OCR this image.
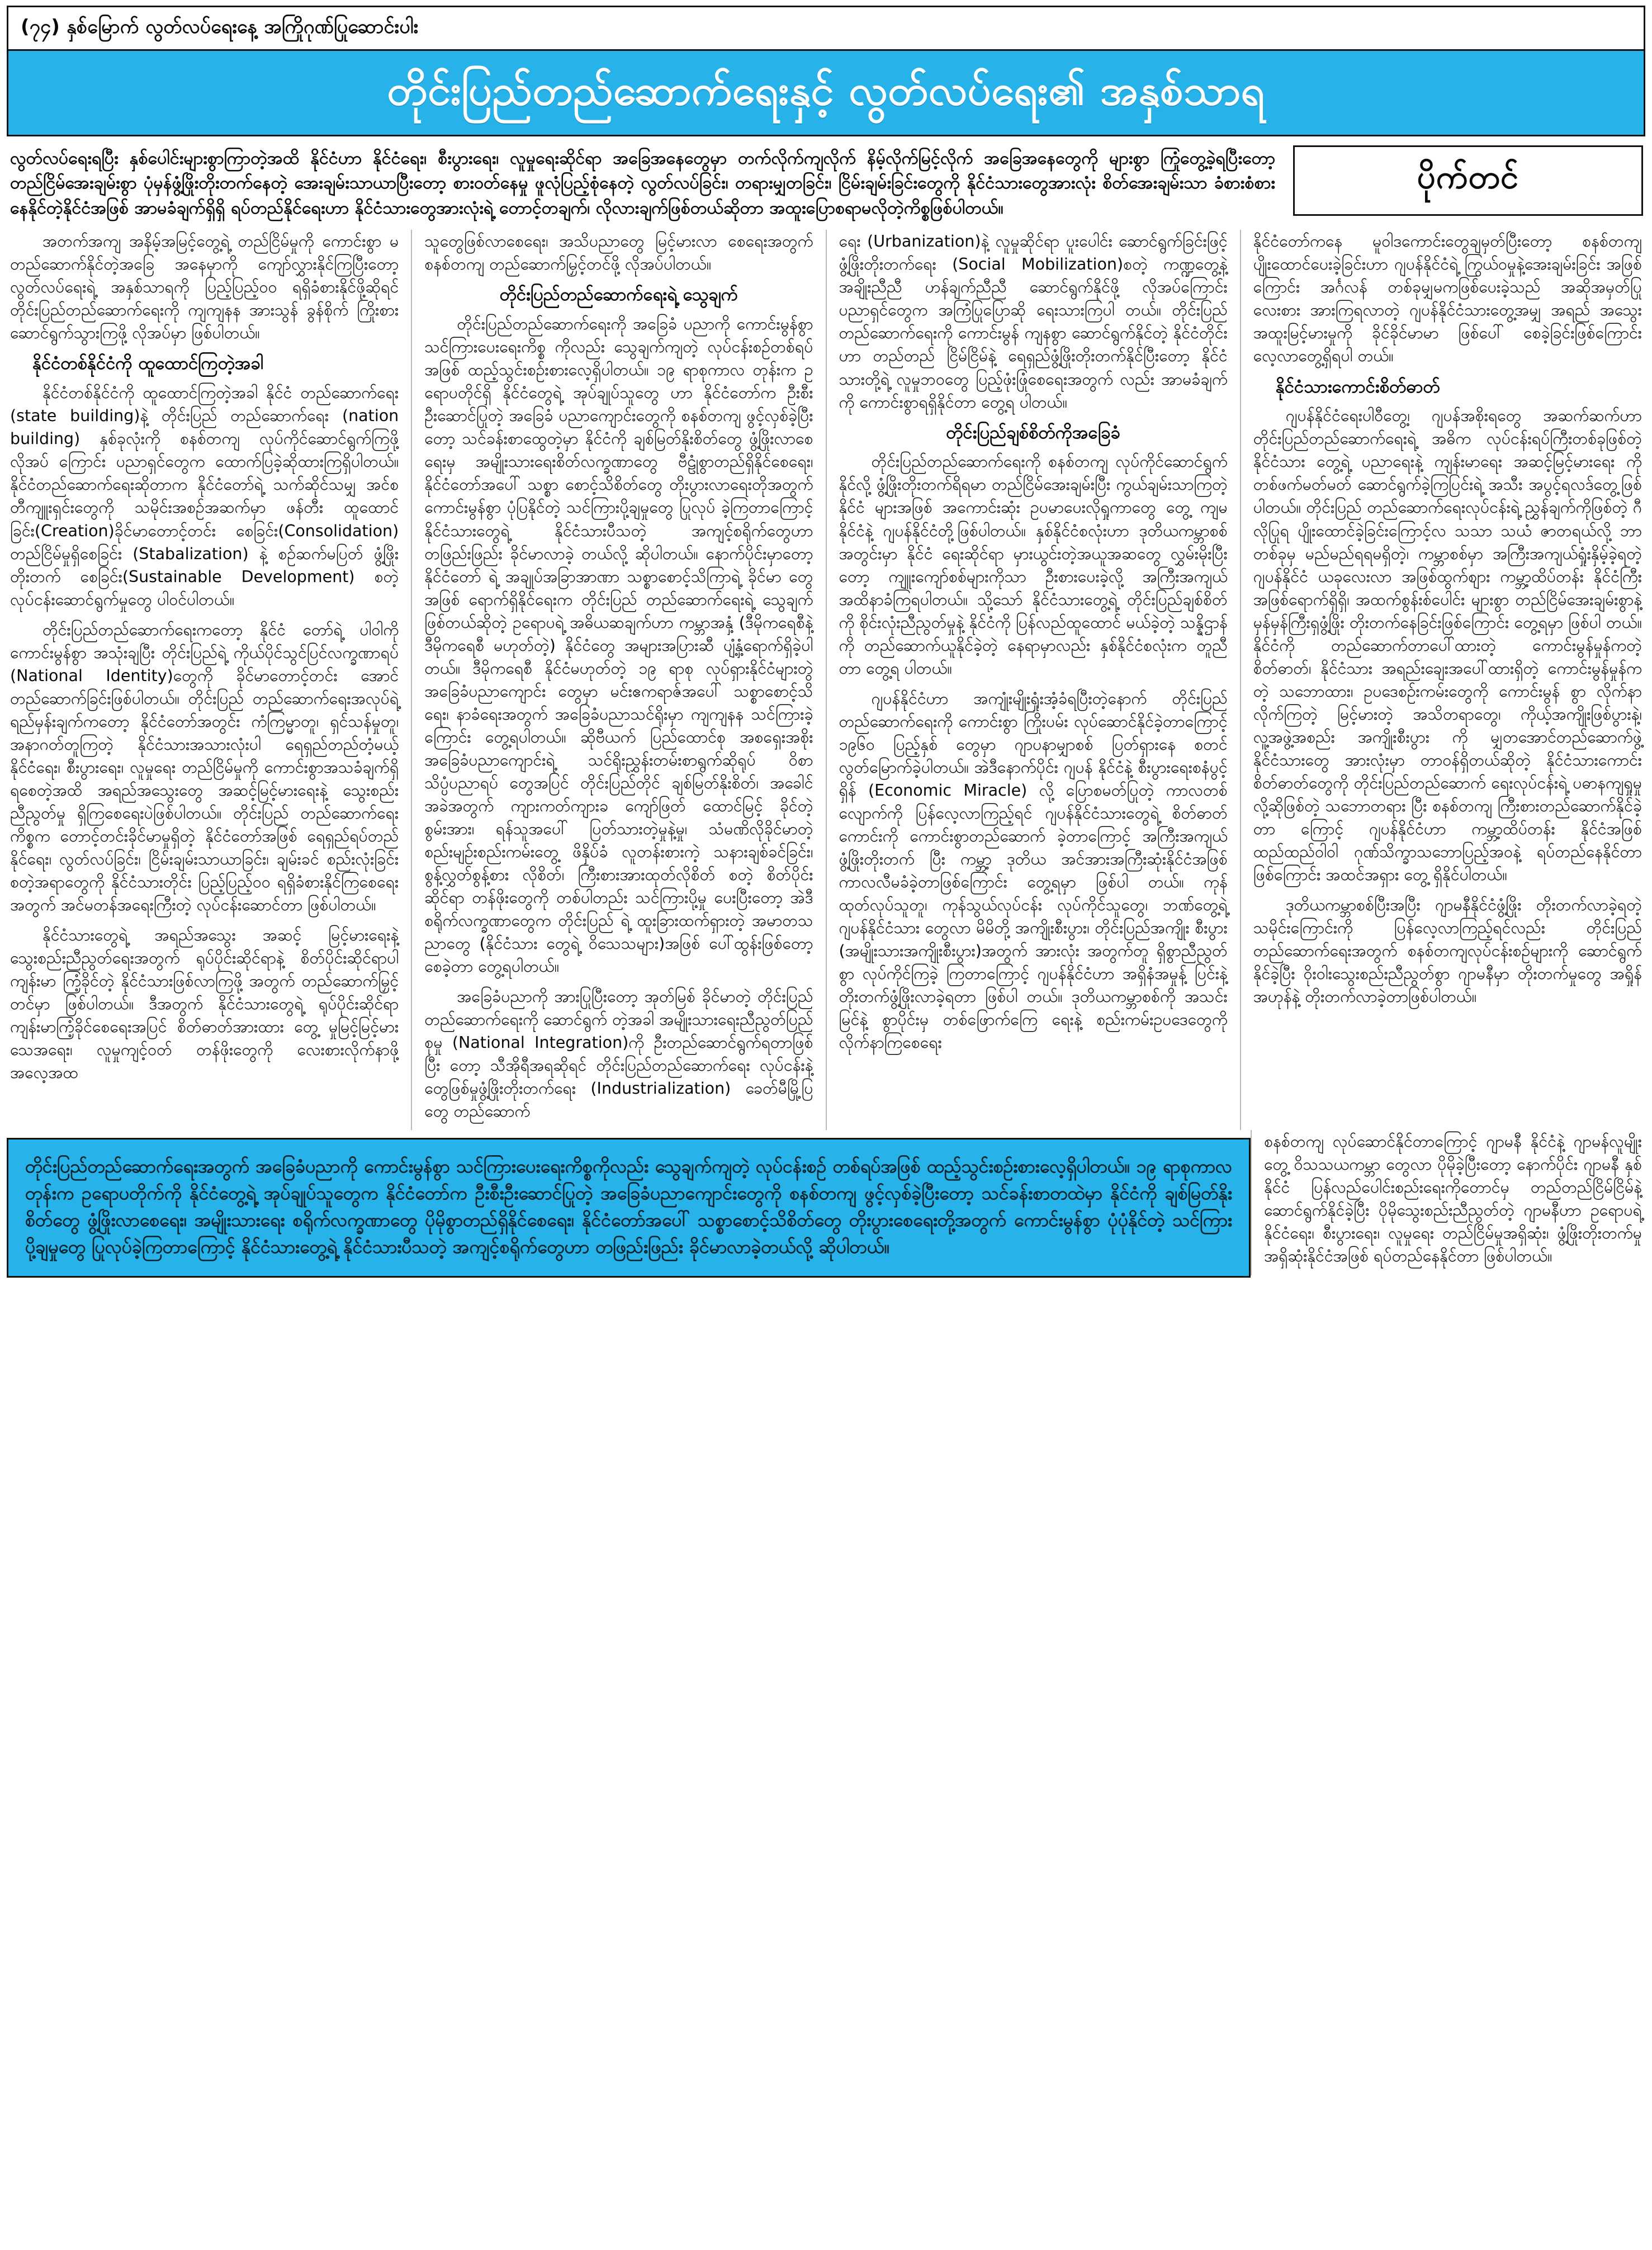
(၇၄) နှစ်မြောက် လွတ်လပ်ရေးနေ့ အကြိုဂုဏ်ပြုဆောင်းပါး
တိုင်းပြည်တည်ဆောက်ရေးနှင့် လွတ်လပ်ရေး၏ အနှစ်သာရ
လွတ်လပ်ရေးရပြီး နှစ်ပေါင်းများစွာကြာတဲ့အထိ နိုင်ငံဟာ နိုင်ငံရေး၊ စီးပွားရေး၊ လူမှုရေးဆိုင်ရာ အခြေအနေတွေမှာ တက်လိုက်ကျလိုက် နိမ့်လိုက်မြင့်လိုက် အခြေအနေတွေကို များစွာ ကြုံတွေ့ခဲ့ရပြီးတော့ တည်ငြိမ်အေးချမ်းစွာ ပုံမှန်ဖွံ့ဖြိုးတိုးတက်နေတဲ့ အေးချမ်းသာယာပြီးတော့ စားဝတ်နေမှု ဖူလုံပြည့်စုံနေတဲ့ လွတ်လပ်ခြင်း၊ တရားမျှတခြင်း၊ ငြိမ်းချမ်းခြင်းတွေကို နိုင်ငံသားတွေအားလုံး စိတ်အေးချမ်းသာ ခံစားစံစားနေနိုင်တဲ့နိုင်ငံအဖြစ် အာမခံချက်ရှိရှိ ရပ်တည်နိုင်ရေးဟာ နိုင်ငံသားတွေအားလုံးရဲ့ တောင့်တချက်၊ လိုလားချက်ဖြစ်တယ်ဆိုတာ အထူးပြောစရာမလိုတဲ့ကိစ္စဖြစ်ပါတယ်။
ပိုက်တင်

အတက်အကျ အနိမ့်အမြင့်တွေ့ရဲ့ တည်ငြိမ်မှုကို ကောင်းစွာ မတည်ဆောက်နိုင်တဲ့အခြေ အနေမှာကို ကျော်လွှားနိုင်ကြပြီးတော့ လွတ်လပ်ရေးရဲ့ အနှစ်သာရကို ပြည့်ပြည့်ဝဝ ရရှိခံစားနိုင်ဖို့ဆိုရင် တိုင်းပြည်တည်ဆောက်ရေးကို ကျကျနန အားသွန် ခွန်စိုက် ကြိုးစားဆောင်ရွက်သွားကြဖို့ လိုအပ်မှာ ဖြစ်ပါတယ်။

နိုင်ငံတစ်နိုင်ငံကို ထူထောင်ကြတဲ့အခါ

နိုင်ငံတစ်နိုင်ငံကို ထူထောင်ကြတဲ့အခါ နိုင်ငံ တည်ဆောက်ရေး (state building)နဲ့ တိုင်းပြည် တည်ဆောက်ရေး (nation building) နှစ်ခုလုံးကို စနစ်တကျ လုပ်ကိုင်ဆောင်ရွက်ကြဖို့ လိုအပ် ကြောင်း ပညာရှင်တွေက ထောက်ပြခဲ့ဆိုထားကြရှိပါတယ်။ နိုင်ငံတည်ဆောက်ရေးဆိုတာက နိုင်ငံတော်ရဲ့ သက်ဆိုင်သမျှ အင်စတီကျူးရှင်းတွေကို သမိုင်းအစဉ်အဆက်မှာ ဖန်တီး ထူထောင်ခြင်း(Creation)ခိုင်မာတောင့်တင်း စေခြင်း(Consolidation) တည်ငြိမ်မှုရှိစေခြင်း (Stabalization) နဲ့ စဉ်ဆက်မပြတ် ဖွံ့ဖြိုးတိုးတက် စေခြင်း(Sustainable Development) စတဲ့ လုပ်ငန်းဆောင်ရွက်မှုတွေ ပါဝင်ပါတယ်။

တိုင်းပြည်တည်ဆောက်ရေးကတော့ နိုင်ငံ တော်ရဲ့ ပါဝါကို ကောင်းမွန်စွာ အသုံးချပြီး တိုင်းပြည်ရဲ့ ကိုယ်ပိုင်သွင်ပြင်လက္ခဏာရပ် (National Identity)တွေကို ခိုင်မာတောင့်တင်း အောင် တည်ဆောက်ခြင်းဖြစ်ပါတယ်။ တိုင်းပြည် တည်ဆောက်ရေးအလုပ်ရဲ့ ရည်မှန်းချက်ကတော့ နိုင်ငံတော်အတွင်း ကံကြမ္မာတူ၊ ရှင်သန်မှုတူ၊ အနာဂတ်တူကြတဲ့ နိုင်ငံသားအသားလုံးပါ ရေရှည်တည်တံ့မယ့် နိုင်ငံရေး၊ စီးပွားရေး၊ လူမှုရေး တည်ငြိမ်မှုကို ကောင်းစွာအသခံချက်ရှိရစေတဲ့အထိ အရည်အသွေးတွေ အဆင့်မြင့်မားရေးနဲ့ သွေးစည်း ညီညွတ်မှု ရှိကြစေရေးပဲဖြစ်ပါတယ်။ တိုင်းပြည် တည်ဆောက်ရေးကိစ္စက တောင့်တင်းခိုင်မာမှုရှိတဲ့ နိုင်ငံတော်အဖြစ် ရေရှည်ရပ်တည်နိုင်ရေး၊ လွတ်လပ်ခြင်း၊ ငြိမ်းချမ်းသာယာခြင်း၊ ချမ်းခင် စည်းလုံးခြင်း စတဲ့အရာတွေကို နိုင်ငံသားတိုင်း ပြည့်ပြည့်ဝဝ ရရှိခံစားနိုင်ကြစေရေးအတွက် အင်မတန်အရေးကြီးတဲ့ လုပ်ငန်းဆောင်တာ ဖြစ်ပါတယ်။

နိုင်ငံသားတွေရဲ့ အရည်အသွေး အဆင့် မြင့်မားရေးနဲ့ သွေးစည်းညီညွတ်ရေးအတွက် ရုပ်ပိုင်းဆိုင်ရာနဲ့ စိတ်ပိုင်းဆိုင်ရာပါ ကျန်းမာ ကြံ့ခိုင်တဲ့ နိုင်ငံသားဖြစ်လာကြဖို့ အတွက် တည်ဆောက်မြှင့်တင်မှာ ဖြစ်ပါတယ်။ ဒီအတွက် နိုင်ငံသားတွေရဲ့ ရုပ်ပိုင်းဆိုင်ရာ ကျန်းမာကြံ့ခိုင်စေရေးအပြင် စိတ်ဓာတ်အားထား တွေ့ မှုမြင့်မြင့်မားသေအရေး၊ လူမှုကျင့်ဝတ် တန်ဖိုးတွေကို လေးစားလိုက်နာဖို့ အလေ့အထ

သူတွေဖြစ်လာစေရေး၊ အသိပညာတွေ မြင့်မားလာ စေရေးအတွက် စနစ်တကျ တည်ဆောက်မြှင့်တင်ဖို့ လိုအပ်ပါတယ်။

တိုင်းပြည်တည်ဆောက်ရေးရဲ့ သွေချက်

တိုင်းပြည်တည်ဆောက်ရေးကို အခြေခံ ပညာကို ကောင်းမွန်စွာ သင်ကြားပေးရေးကိစ္စ ကိုလည်း သွေချက်ကျတဲ့ လုပ်ငန်းစဉ်တစ်ရပ်အဖြစ် ထည့်သွင်းစဉ်းစားလေ့ရှိပါတယ်။ ၁၉ ရာစုကာလ တုန်းက ဥရောပတိုင်ရှိ နိုင်ငံတွေရဲ့ အုပ်ချုပ်သူတွေ ဟာ နိုင်ငံတော်က ဦးစီးဦးဆောင်ပြုတဲ့ အခြေခံ ပညာကျောင်းတွေကို စနစ်တကျ ဖွင့်လှစ်ခဲ့ပြီးတော့ သင်ခန်းစာထွေတဲ့မှာ နိုင်ငံကို ချစ်မြတ်နိုးစိတ်တွေ ဖွံ့ဖြိုးလာစေရေးမှ အမျိုးသားရေးစိတ်လက္ခဏာတွေ ဗီဠုံစွာတည်ရှိနိုင်စေရေး၊ နိုင်ငံတော်အပေါ် သစ္စာ စောင့်သိစိတ်တွေ တိုးပွားလာရေးတိုအတွက် ကောင်းမွန်စွာ ပုံပြနိုင်တဲ့ သင်ကြားပို့ချမှုတွေ ပြုလုပ် ခဲ့ကြတာကြောင့် နိုင်ငံသားတွေရဲ့ နိုင်ငံသားပီသတဲ့ အကျင့်စရိုက်တွေဟာ တဖြည်းဖြည်း ခိုင်မာလာခဲ့ တယ်လို့ ဆိုပါတယ်။ နောက်ပိုင်းမှာတော့ နိုင်ငံတော် ရဲ့ အချုပ်အခြာအာဏာ သစ္စာစောင့်သိကြာရဲ့ ခိုင်မာ တွေအဖြစ် ရောက်ရှိနိုင်ရေးက တိုင်းပြည် တည်ဆောက်ရေးရဲ့ သွေချက်ဖြစ်တယ်ဆိုတဲ့ ဥရောပရဲ့ အဓိယဆချက်ဟာ ကမ္ဘာအနှံ့ (ဒီမိုကရေစီနဲ့ ဒီမိုကရေစီ မဟုတ်တဲ့) နိုင်ငံတွေ အများအပြားဆီ ပျံ့နှံ့ရောက်ရှိခဲ့ပါတယ်။ ဒီမိုကရေစီ နိုင်ငံမဟုတ်တဲ့ ၁၉ ရာစု လုပ်ရှားနိုင်ငံများတွဲ အခြေခံပညာကျောင်း တွေမှာ မင်းဧကရာဇ်အပေါ် သစ္စာစောင့်သိရေး၊ နာခံရေးအတွက် အခြေခံပညာသင်ရိုးမှာ ကျကျနန သင်ကြားခဲ့ကြောင်း တွေ့ရပါတယ်။ ဆိုဗီယက် ပြည်ထောင်စု အစရှေးအစိုးအခြေခံပညာကျောင်းရဲ့ သင်ရိုးညွှန်းတမ်းစာရွက်ဆိုရုပ် ဝိစာ သိပ္ပံပညာရပ် တွေအပြင် တိုင်းပြည်တိုင် ချစ်မြတ်နိုးစိတ်၊ အခေါင် အခဲအတွက် ကျားကတ်ကျားခ ကျော်ဖြတ် ထောင်မြင့် ခိုင်တဲ့ စွမ်းအား၊ ရန်သူအပေါ် ပြတ်သားတဲ့မှုနဲ့မှု၊ သံမဏိလိုခိုင်မာတဲ့ စည်းမျဉ်းစည်းကမ်းတွေ့ ဖိနှိပ်ခံ လူတန်းစားကဲ့ သနားချစ်ခင်ခြင်း၊ စွန့်လွှတ်စွန့်စား လိုစိတ်၊ ကြီးစားအားထုတ်လိုစိတ် စတဲ့ စိတ်ပိုင်း ဆိုင်ရာ တန်ဖိုးတွေကို တစ်ပါတည်း သင်ကြားပို့မှု ပေးပြီးတော့ အဲဒီစရိုက်လက္ခဏာတွေက တိုင်းပြည် ရဲ့ ထူးခြားထက်ရှားတဲ့ အမာတသညာတွေ (နိုင်ငံသား တွေရဲ့ ဝိသေသများ)အဖြစ် ပေါ်ထွန်းဖြစ်တော့ စေခဲ့တာ တွေ့ရပါတယ်။

အခြေခံပညာကို အားပြုပြီးတော့ အုတ်မြစ် ခိုင်မာတဲ့ တိုင်းပြည်တည်ဆောက်ရေးကို ဆောင်ရွက် တဲ့အခါ အမျိုးသားရေးညီညွတ်ပြည်စုမှု (National Integration)ကို ဦးတည်ဆောင်ရွက်ရတာဖြစ်ပြီး တော့ သီအိုရီအရဆိုရင် တိုင်းပြည်တည်ဆောက်ရေး လုပ်ငန်းနဲ့ တွေဖြစ်မှုဖွံ့ဖြိုးတိုးတက်ရေး (Industrialization) ခေတ်မီမြို့ပြတွေ တည်ဆောက်

ရေး (Urbanization)နဲ့ လူမှုဆိုင်ရာ ပူးပေါင်း ဆောင်ရွက်ခြင်းဖြင့် ဖွံ့ဖြိုးတိုးတက်ရေး (Social Mobilization)စတဲ့ ကဏ္ဍတွေ့နဲ့ အချိုးညီညီ ဟန်ချက်ညီညီ ဆောင်ရွက်နိုင်ဖို့ လိုအပ်ကြောင်း ပညာရှင်တွေက အကြံပြုပြောဆို ရေးသားကြပါ တယ်။ တိုင်းပြည်တည်ဆောက်ရေးကို ကောင်းမွန် ကျနစွာ ဆောင်ရွက်နိုင်တဲ့ နိုင်ငံတိုင်းဟာ တည်တည် ငြိမ်ငြိမ်နဲ့ ရေရှည်ဖွံ့ဖြိုးတိုးတက်နိုင်ပြီးတော့ နိုင်ငံ သားတို့ရဲ့ လူမှုဘဝတွေ ပြည့်ဖုံးဖြုံစေရေးအတွက် လည်း အာမခံချက်ကို ကောင်းစွာရရှိနိုင်တာ တွေ့ရ ပါတယ်။

တိုင်းပြည်ချစ်စိတ်ကိုအခြေခံ

တိုင်းပြည်တည်ဆောက်ရေးကို စနစ်တကျ လုပ်ကိုင်ဆောင်ရွက်နိုင်လို့ ဖွံ့ဖြိုးတိုးတက်ရိရမာ တည်ငြိမ်အေးချမ်းပြီး ကွယ်ချမ်းသာကြတဲ့ နိုင်ငံ များအဖြစ် အကောင်းဆုံး ဥပမာပေးလိုရှုကာတွေ တွေ့ ကျမနိုင်ငံနဲ့ ဂျပန်နိုင်ငံတို့ဖြစ်ပါတယ်။ နှစ်နိုင်ငံစလုံးဟာ ဒုတိယကမ္ဘာစစ်အတွင်းမှာ နိုင်ငံ ရေးဆိုင်ရာ မှားယွင်းတဲ့အယူအဆတွေ လွှမ်းမိုးပြီး တော့ ကျူးကျော်စစ်များကိုသာ ဦးစားပေးခဲ့လို့ အကြီးအကျယ် အထိနာခံကြရပါတယ်။ သို့သော် နိုင်ငံသားတွေ့ရဲ့ တိုင်းပြည်ချစ်စိတ်ကို စိုင်းလုံးညီညွတ်မှုနဲ့ နိုင်ငံကို ပြန်လည်ထူထောင် မယ်ခဲ့တဲ့ သန္နိဌာန်ကို တည်ဆောက်ယူနိုင်ခဲ့တဲ့ နေရာမှာလည်း နှစ်နိုင်ငံစလုံးက တူညီတာ တွေ့ရ ပါတယ်။

ဂျပန်နိုင်ငံဟာ အကျုံးမျိုးရှုံးအံ့ခံရပြီးတဲ့နောက် တိုင်းပြည်တည်ဆောက်ရေးကို ကောင်းစွာ ကြိုးပမ်း လုပ်ဆောင်နိုင်ခဲ့တာကြောင့် ၁၉၆၀ ပြည့်နှစ် တွေမှာ ဂျာပနာမျှာစစ် ပြတ်ရှားနေ စတင် လွတ်မြောက်ခဲ့ပါတယ်။ အဲဒီနောက်ပိုင်း ဂျပန် နိုင်ငံနဲ့ စီးပွားရေးစနံပွင့်ရှိန် (Economic Miracle) လို့ ပြောစမတ်ပြုတဲ့ ကာလတစ်လျောက်ကို ပြန်လေ့လာကြည့်ရင် ဂျပန်နိုင်ငံသားတွေရဲ့ စိတ်ဓာတ်ကောင်းကို ကောင်းစွာတည်ဆောက် ခဲ့တာကြောင့် အကြီးအကျယ် ဖွံ့ဖြိုးတိုးတက် ပြီး ကမ္ဘာ့ ဒုတိယ အင်အားအကြီးဆုံးနိုင်ငံအဖြစ် ကာလလီမခံခဲ့တာဖြစ်ကြောင်း တွေ့ရမှာ ဖြစ်ပါ တယ်။ ကုန်ထုတ်လုပ်သူတူ၊ ကုန်သွယ်လုပ်ငန်း လုပ်ကိုင်သူတွေ၊ ဘဏ်တွေ့ရဲ့ ဂျပန်နိုင်ငံသား တွေလာ မိမိတို့ အကျိုးစီးပွား၊ တိုင်းပြည်အကျိုး စီးပွား (အမျိုးသားအကျိုးစီးပွား)အတွက် အားလုံး အတွက်တူ ရှိစွာညီညွတ်စွာ လုပ်ကိုင်ကြခဲ့ ကြတာကြောင့် ဂျပန်နိုင်ငံဟာ အရှိနံအမှုန့် ပြင်းနဲ့ တိုးတက်ဖွံ့ဖြိုးလာခဲ့ရတာ ဖြစ်ပါ တယ်။ ဒုတိယကမ္ဘာစစ်ကို အသင်းမြင်နဲ့ စွာပိုင်းမှ တစ်ဖြောက်ကြေ ရေးနဲ့ စည်းကမ်းဥပဒေတွေကို လိုက်နာကြစေရေး

နိုင်ငံတော်ကနေ မူဝါဒကောင်းတွေချမှတ်ပြီးတော့ စနစ်တကျ ပျိုးထောင်ပေးခဲ့ခြင်းဟာ ဂျပန်နိုင်ငံရဲ့ ကြွယ်ဝမှုနဲ့အေးချမ်းခြင်း အဖြစ်ကြောင်း အင်္ဂလန် တစ်ခုမျှမကဖြစ်ပေးခဲ့သည် အဆိုအမှတ်ပြု လေးစား အားကြရလာတဲ့ ဂျပန်နိုင်ငံသားတွေ့အမျှ အရည် အသွေးအထူးမြင့်မားမှုကို ခိုင်ခိုင်မာမာ ဖြစ်ပေါ် စေခဲ့ခြင်းဖြစ်ကြောင်း လေ့လာတွေ့ရှိရပါ တယ်။

နိုင်ငံသားကောင်းစိတ်ဓာတ်

ဂျပန်နိုင်ငံရေးပါဝီတွေ့၊ ဂျပန်အစိုးရတွေ အဆက်ဆက်ဟာ တိုင်းပြည်တည်ဆောက်ရေးရဲ့ အဓိက လုပ်ငန်းရပ်ကြီးတစ်ခုဖြစ်တဲ့ နိုင်ငံသား တွေ့ရဲ့ ပညာရေးနဲ့ ကျန်းမာရေး အဆင့်မြင့်မားရေး ကို တစ်ဖက်မတ်မတ် ဆောင်ရွက်ခဲ့ကြပြင်းရဲ့ အသီး အပွင့်ရလဒ်တွေ့ဖြစ်ပါတယ်။ တိုင်းပြည် တည်ဆောက်ရေးလုပ်ငန်းရဲ့ ညွှန်ချက်ကိုဖြစ်တဲ့ ဂီလိုပြုရ ပျိုးထောင်ခဲ့ခြင်းကြောင့်လ သသာ သယံ ဇာတရယ်လို့ ဘာတစ်ခုမှ မည်မည်ရရမရှိတဲ့၊ ကမ္ဘာစစ်မှာ အကြီးအကျယ်ရှုံးနှိမ့်ခဲ့ရတဲ့ ဂျပန်နိုင်ငံ ယခုလေးလာ အဖြစ်ထွက်စျား ကမ္ဘာ့ထိပ်တန်း နိုင်ငံကြီးအဖြစ်ရောက်ရှိရှိ၊ အထက်စွန်းစ်ပေါင်း များစွာ တည်ငြိမ်အေးချမ်းစွာနဲ့ မှန်မှန်ကြီးရှဖွံ့ဖြိုး တိုးတက်နေခြင်းဖြစ်ကြောင်း တွေ့ရမှာ ဖြစ်ပါ တယ်။ နိုင်ငံကို တည်ဆောက်တာပေါ်ထားတဲ့ ကောင်းမွန်မှုန်ကတဲ့ စိတ်ဓာတ်၊ နိုင်ငံသား အရည်းချေးအပေါ်ထားရှိတဲ့ ကောင်းမွန်မှုန်ကတဲ့ သဘောထား၊ ဥပဒေစဉ်းကမ်းတွေကို ကောင်းမွန် စွာ လိုက်နာလိုက်ကြတဲ့ မြင့်မားတဲ့ အသိတရာတွေ၊ ကိုယ့်အကျိုးဖြစ်ပွားနဲ့၊ လူ့အဖွဲ့အစည်း အကျိုးစီးပွား ကို မျှတအောင်တည်ဆောက်ဖွဲ့ နိုင်ငံသားတွေ အားလုံးမှာ တာဝန်ရှိတယ်ဆိုတဲ့ နိုင်ငံသားကောင်း စိတ်ဓာတ်တွေကို တိုင်းပြည်တည်ဆောက် ရေးလုပ်ငန်းရဲ့ ပဓာနကျရှုမှုလို့ဆိုဖြစ်တဲ့ သဘောတရား ပြီး စနစ်တကျ ကြီးစားတည်ဆောက်နိုင်ခဲ့တာ ကြောင့် ဂျပန်နိုင်ငံဟာ ကမ္ဘာ့ထိပ်တန်း နိုင်ငံအဖြစ် ထည်ထည်ဝါဝါ ဂုဏ်သိက္ခာသဘောပြည့်အဝနဲ့ ရပ်တည်နေနိုင်တာဖြစ်ကြောင်း အထင်အရှား တွေ့ ရှိနိုင်ပါတယ်။

ဒုတိယကမ္ဘာစစ်ပြီးအပြီး ဂျာမနီနိုင်ငံဖွံ့ဖြိုး တိုးတက်လာခဲ့ရတဲ့ သမိုင်းကြောင်းကို ပြန်လေ့လာကြည့်ရင်လည်း တိုင်းပြည် တည်ဆောက်ရေးအတွက် စနစ်တကျလုပ်ငန်းစဉ်များကို ဆောင်ရွက်နိုင်ခဲ့ပြီး ဝိုးဝါးသွေးစည်းညီညွတ်စွာ ဂျာမနီမှာ တိုးတက်မှုတွေ အရှိုန်အဟုန်နဲ့ တိုးတက်လာခဲ့တာဖြစ်ပါတယ်။

တိုင်းပြည်တည်ဆောက်ရေးအတွက် အခြေခံပညာကို ကောင်းမွန်စွာ သင်ကြားပေးရေးကိစ္စကိုလည်း သွေချက်ကျတဲ့ လုပ်ငန်းစဉ် တစ်ရပ်အဖြစ် ထည့်သွင်းစဉ်းစားလေ့ရှိပါတယ်။ ၁၉ ရာစုကာလတုန်းက ဥရောပတိုက်ကို နိုင်ငံတွေ့ရဲ့ အုပ်ချုပ်သူတွေက နိုင်ငံတော်က ဦးစီးဦးဆောင်ပြုတဲ့ အခြေခံပညာကျောင်းတွေကို စနစ်တကျ ဖွင့်လှစ်ခဲ့ပြီးတော့ သင်ခန်းစာတထဲမှာ နိုင်ငံကို ချစ်မြတ်နိုးစိတ်တွေ ဖွံ့ဖြိုးလာစေရေး၊ အမျိုးသားရေး စရိုက်လက္ခဏာတွေ ပိုမိုစွာတည်ရှိနိုင်စေရေး၊ နိုင်ငံတော်အပေါ် သစ္စာစောင့်သိစိတ်တွေ တိုးပွားစေရေးတို့အတွက် ကောင်းမွန်စွာ ပုံပုံနိုင်တဲ့ သင်ကြားပို့ချမှုတွေ ပြုလုပ်ခဲ့ကြတာကြောင့် နိုင်ငံသားတွေ့ရဲ့ နိုင်ငံသားပီသတဲ့ အကျင့်စရိုက်တွေဟာ တဖြည်းဖြည်း ခိုင်မာလာခဲ့တယ်လို့ ဆိုပါတယ်။

စနစ်တကျ လုပ်ဆောင်နိုင်တာကြောင့် ဂျာမနီ နိုင်ငံနဲ့ ဂျာမန်လူမျိုးတွေ့ ဝိသသယကမ္ဘာ တွေလာ ပိုမိုခဲ့ပြီးတော့ နောက်ပိုင်း ဂျာမနီ နှစ်နိုင်ငံ ပြန်လည်ပေါင်းစည်းရေးကိုတောင်မှ တည်တည်ငြိမ်ငြိမ်နဲ့ ဆောင်ရွက်နိုင်ခဲ့ပြီး ပိုမိုသွေးစည်းညီညွတ်တဲ့ ဂျာမနီဟာ ဥရောပရဲ့ နိုင်ငံရေး၊ စီးပွားရေး၊ လူမှုရေး တည်ငြိမ်မှုအရှိဆုံး၊ ဖွံ့ဖြိုးတိုးတက်မှု အရှိဆုံးနိုင်ငံအဖြစ် ရပ်တည်နေနိုင်တာ ဖြစ်ပါတယ်။
